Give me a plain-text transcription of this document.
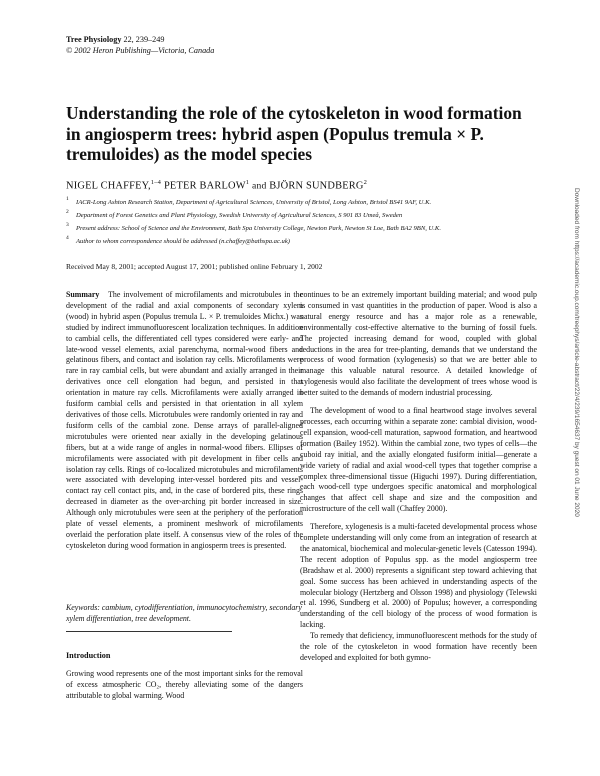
Tree Physiology 22, 239–249
© 2002 Heron Publishing—Victoria, Canada
Understanding the role of the cytoskeleton in wood formation in angiosperm trees: hybrid aspen (Populus tremula × P. tremuloides) as the model species
NIGEL CHAFFEY,$^{1-4}$ PETER BARLOW$^1$ and BJÖRN SUNDBERG$^2$
1 IACR-Long Ashton Research Station, Department of Agricultural Sciences, University of Bristol, Long Ashton, Bristol BS41 9AF, U.K.
2 Department of Forest Genetics and Plant Physiology, Swedish University of Agricultural Sciences, S 901 83 Umeå, Sweden
3 Present address: School of Science and the Environment, Bath Spa University College, Newton Park, Newton St Loe, Bath BA2 9BN, U.K.
4 Author to whom correspondence should be addressed (n.chaffey@bathspa.ac.uk)
Received May 8, 2001; accepted August 17, 2001; published online February 1, 2002

Summary The involvement of microfilaments and microtubules in the development of the radial and axial components of secondary xylem (wood) in hybrid aspen (Populus tremula L. × P. tremuloides Michx.) was studied by indirect immunofluorescent localization techniques. In addition to cambial cells, the differentiated cell types considered were early- and late-wood vessel elements, axial parenchyma, normal-wood fibers and gelatinous fibers, and contact and isolation ray cells. Microfilaments were rare in ray cambial cells, but were abundant and axially arranged in their derivatives once cell elongation had begun, and persisted in that orientation in mature ray cells. Microfilaments were axially arranged in fusiform cambial cells and persisted in that orientation in all xylem derivatives of those cells. Microtubules were randomly oriented in ray and fusiform cells of the cambial zone. Dense arrays of parallel-aligned microtubules were oriented near axially in the developing gelatinous fibers, but at a wide range of angles in normal-wood fibers. Ellipses of microfilaments were associated with pit development in fiber cells and isolation ray cells. Rings of co-localized microtubules and microfilaments were associated with developing inter-vessel bordered pits and vessel-contact ray cell contact pits, and, in the case of bordered pits, these rings decreased in diameter as the over-arching pit border increased in size. Although only microtubules were seen at the periphery of the perforation plate of vessel elements, a prominent meshwork of microfilaments overlaid the perforation plate itself. A consensus view of the roles of the cytoskeleton during wood formation in angiosperm trees is presented.

Keywords: cambium, cytodifferentiation, immunocytochemistry, secondary xylem differentiation, tree development.
Introduction

Growing wood represents one of the most important sinks for the removal of excess atmospheric CO₂, thereby alleviating some of the dangers attributable to global warming. Wood

continues to be an extremely important building material; and wood pulp is consumed in vast quantities in the production of paper. Wood is also a natural energy resource and has a major role as a renewable, environmentally cost-effective alternative to the burning of fossil fuels. The projected increasing demand for wood, coupled with global reductions in the area for tree-planting, demands that we understand the process of wood formation (xylogenesis) so that we are better able to manage this valuable natural resource. A detailed knowledge of xylogenesis would also facilitate the development of trees whose wood is better suited to the demands of modern industrial processing.

The development of wood to a final heartwood stage involves several processes, each occurring within a separate zone: cambial division, wood-cell expansion, wood-cell maturation, sapwood formation, and heartwood formation (Bailey 1952). Within the cambial zone, two types of cells—the cuboid ray initial, and the axially elongated fusiform initial—generate a wide variety of radial and axial wood-cell types that together comprise a complex three-dimensional tissue (Higuchi 1997). During differentiation, each wood-cell type undergoes specific anatomical and morphological changes that affect cell shape and size and the composition and microstructure of the cell wall (Chaffey 2000).

Therefore, xylogenesis is a multi-faceted developmental process whose complete understanding will only come from an integration of research at the anatomical, biochemical and molecular-genetic levels (Catesson 1994). The recent adoption of Populus spp. as the model angiosperm tree (Bradshaw et al. 2000) represents a significant step toward achieving that goal. Some success has been achieved in understanding aspects of the molecular biology (Hertzberg and Olsson 1998) and physiology (Telewski et al. 1996, Sundberg et al. 2000) of Populus; however, a corresponding understanding of the cell biology of the process of wood formation is lacking.

To remedy that deficiency, immunofluorescent methods for the study of the role of the cytoskeleton in wood formation have recently been developed and exploited for both gymno-

Downloaded from https://academic.oup.com/treephys/article-abstract/22/4/239/1654637 by guest on 01 June 2020
